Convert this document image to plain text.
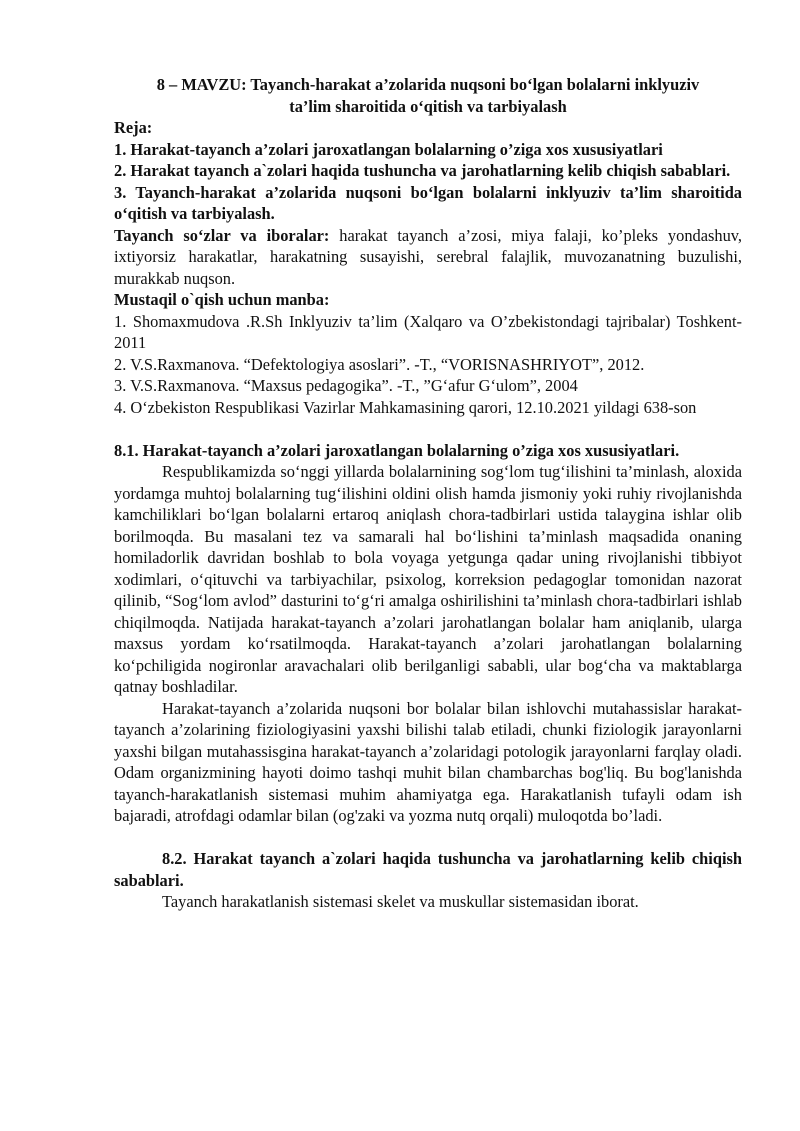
8 – MAVZU: Tayanch-harakat a’zolarida nuqsoni bo‘lgan bolalarni inklyuziv
ta’lim sharoitida o‘qitish va tarbiyalash

Reja:

1. Harakat-tayanch a’zolari jaroxatlangan bolalarning o’ziga xos xususiyatlari

2. Harakat tayanch a`zolari haqida tushuncha va jarohatlarning kelib chiqish sabablari.

3. Tayanch-harakat a’zolarida nuqsoni bo‘lgan bolalarni inklyuziv ta’lim sharoitida o‘qitish va tarbiyalash.

Tayanch so‘zlar va iboralar: harakat tayanch a’zosi, miya falaji, ko’pleks yondashuv, ixtiyorsiz harakatlar, harakatning susayishi, serebral falajlik, muvozanatning buzulishi, murakkab nuqson.

Mustaqil o`qish uchun manba:

1. Shomaxmudova .R.Sh Inklyuziv ta’lim (Xalqaro va O’zbekistondagi tajribalar) Toshkent-2011

2. V.S.Raxmanova. “Defektologiya asoslari”. -T., “VORISNASHRIYOT”, 2012.

3. V.S.Raxmanova. “Maxsus pedagogika”. -T., ”G‘afur G‘ulom”, 2004

4. O‘zbekiston Respublikasi Vazirlar Mahkamasining qarori, 12.10.2021 yildagi 638-son

8.1. Harakat-tayanch a’zolari jaroxatlangan bolalarning o’ziga xos xususiyatlari.

Respublikamizda so‘nggi yillarda bolalarnining sog‘lom tug‘ilishini ta’minlash, aloxida yordamga muhtoj bolalarning tug‘ilishini oldini olish hamda jismoniy yoki ruhiy rivojlanishda kamchiliklari bo‘lgan bolalarni ertaroq aniqlash chora-tadbirlari ustida talaygina ishlar olib borilmoqda. Bu masalani tez va samarali hal bo‘lishini ta’minlash maqsadida onaning homiladorlik davridan boshlab to bola voyaga yetgunga qadar uning rivojlanishi tibbiyot xodimlari, o‘qituvchi va tarbiyachilar, psixolog, korreksion pedagoglar tomonidan nazorat qilinib, “Sog‘lom avlod” dasturini to‘g‘ri amalga oshirilishini ta’minlash chora-tadbirlari ishlab chiqilmoqda. Natijada harakat-tayanch a’zolari jarohatlangan bolalar ham aniqlanib, ularga maxsus yordam ko‘rsatilmoqda. Harakat-tayanch a’zolari jarohatlangan bolalarning ko‘pchiligida nogironlar aravachalari olib berilganligi sababli, ular bog‘cha va maktablarga qatnay boshladilar.

Harakat-tayanch a’zolarida nuqsoni bor bolalar bilan ishlovchi mutahassislar harakat-tayanch a’zolarining fiziologiyasini yaxshi bilishi talab etiladi, chunki fiziologik jarayonlarni yaxshi bilgan mutahassisgina harakat-tayanch a’zolaridagi potologik jarayonlarni farqlay oladi. Odam organizmining hayoti doimo tashqi muhit bilan chambarchas bog'liq. Bu bog'lanishda tayanch-harakatlanish sistemasi muhim ahamiyatga ega. Harakatlanish tufayli odam ish bajaradi, atrofdagi odamlar bilan (og'zaki va yozma nutq orqali) muloqotda bo’ladi.

8.2. Harakat tayanch a`zolari haqida tushuncha va jarohatlarning kelib chiqish sabablari.

Tayanch harakatlanish sistemasi skelet va muskullar sistemasidan iborat.
